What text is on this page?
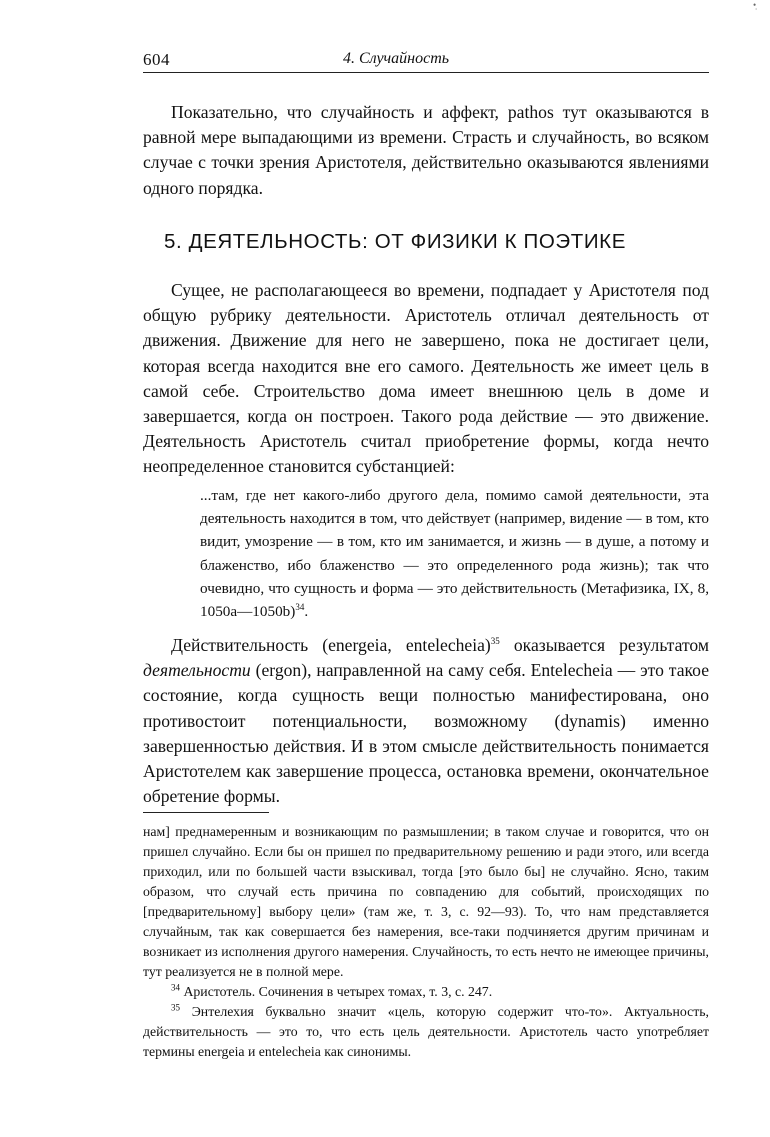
604	4. Случайность
•̣

Показательно, что случайность и аффект, pathos тут оказываются в равной мере выпадающими из времени. Страсть и случайность, во всяком случае с точки зрения Аристотеля, действительно оказываются явлениями одного порядка.

5. ДЕЯТЕЛЬНОСТЬ: ОТ ФИЗИКИ К ПОЭТИКЕ

Сущее, не располагающееся во времени, подпадает у Аристотеля под общую рубрику деятельности. Аристотель отличал деятельность от движения. Движение для него не завершено, пока не достигает цели, которая всегда находится вне его самого. Деятельность же имеет цель в самой себе. Строительство дома имеет внешнюю цель в доме и завершается, когда он построен. Такого рода действие — это движение. Деятельность Аристотель считал приобретение формы, когда нечто неопределенное становится субстанцией:

...там, где нет какого-либо другого дела, помимо самой деятельности, эта деятельность находится в том, что действует (например, видение — в том, кто видит, умозрение — в том, кто им занимается, и жизнь — в душе, а потому и блаженство, ибо блаженство — это определенного рода жизнь); так что очевидно, что сущность и форма — это действительность (Метафизика, IX, 8, 1050a—1050b)$^{34}$.

Действительность (energeia, entelecheia)$^{35}$ оказывается результатом деятельности (ergon), направленной на саму себя. Entelecheia — это такое состояние, когда сущность вещи полностью манифестирована, оно противостоит потенциальности, возможному (dynamis) именно завершенностью действия. И в этом смысле действительность понимается Аристотелем как завершение процесса, остановка времени, окончательное обретение формы.

нам] преднамеренным и возникающим по размышлении; в таком случае и говорится, что он пришел случайно. Если бы он пришел по предварительному решению и ради этого, или всегда приходил, или по большей части взыскивал, тогда [это было бы] не случайно. Ясно, таким образом, что случай есть причина по совпадению для событий, происходящих по [предварительному] выбору цели» (там же, т. 3, с. 92—93). То, что нам представляется случайным, так как совершается без намерения, все-таки подчиняется другим причинам и возникает из исполнения другого намерения. Случайность, то есть нечто не имеющее причины, тут реализуется не в полной мере.

$^{34}$ Аристотель. Сочинения в четырех томах, т. 3, с. 247.

$^{35}$ Энтелехия буквально значит «цель, которую содержит что-то». Актуальность, действительность — это то, что есть цель деятельности. Аристотель часто употребляет термины energeia и entelecheia как синонимы.
